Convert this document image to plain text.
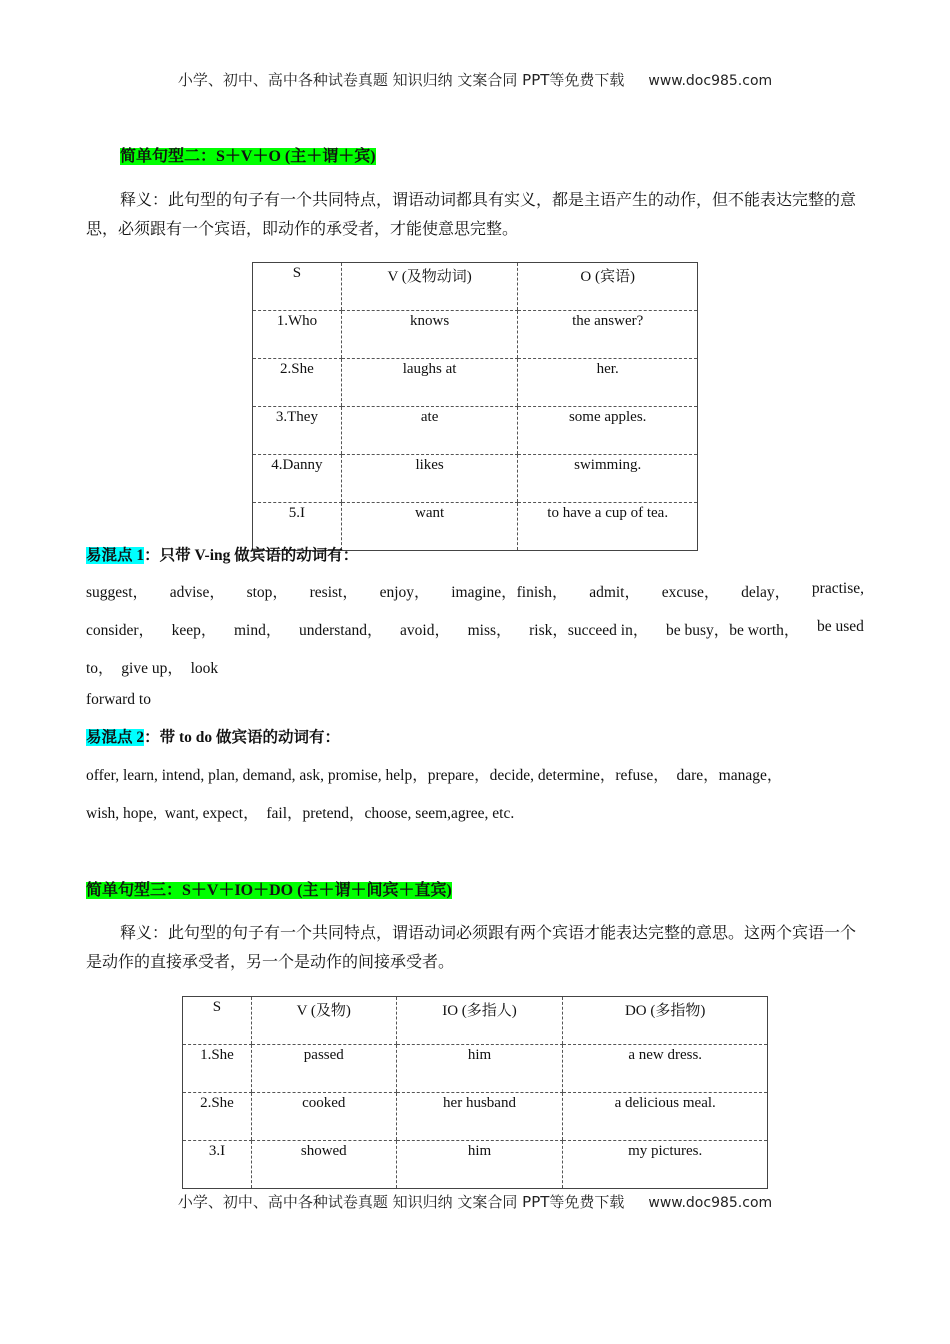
小学、初中、高中各种试卷真题 知识归纳 文案合同 PPT等免费下载 www.doc985.com
简单句型二：S＋V＋O (主＋谓＋宾)
释义：此句型的句子有一个共同特点，谓语动词都具有实义，都是主语产生的动作，但不能表达完整的意思，必须跟有一个宾语，即动作的承受者，才能使意思完整。
S	V (及物动词)	O (宾语)
1.Who	knows	the answer?
2.She	laughs at	her.
3.They	ate	some apples.
4.Danny	likes	swimming.
5.I	want	to have a cup of tea.
易混点 1：只带 V-ing 做宾语的动词有：
suggest， advise， stop， resist， enjoy， imagine，finish， admit， excuse， delay， practise,
consider， keep， mind， understand， avoid， miss， risk，succeed in， be busy，be worth， be used
to，  give up，  look
forward to
易混点 2：带 to do 做宾语的动词有：
offer, learn, intend, plan, demand, ask, promise, help，prepare，decide, determine，refuse，  dare，manage，
wish, hope,  want, expect，  fail，pretend，choose, seem,agree, etc.
简单句型三：S＋V＋IO＋DO (主＋谓＋间宾＋直宾)
释义：此句型的句子有一个共同特点，谓语动词必须跟有两个宾语才能表达完整的意思。这两个宾语一个是动作的直接承受者，另一个是动作的间接承受者。
S	V (及物)	IO (多指人)	DO (多指物)
1.She	passed	him	a new dress.
2.She	cooked	her husband	a delicious meal.
3.I	showed	him	my pictures.
小学、初中、高中各种试卷真题 知识归纳 文案合同 PPT等免费下载 www.doc985.com
